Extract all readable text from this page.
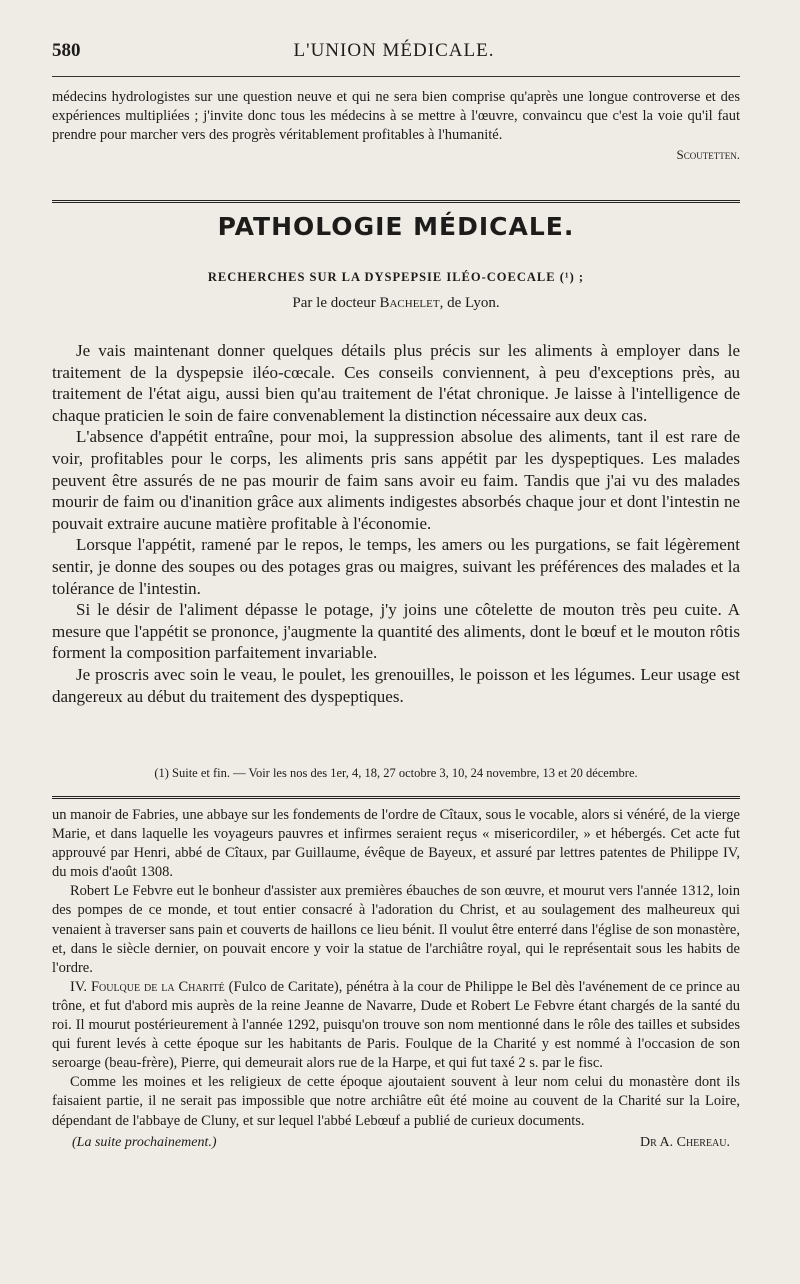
580	L'UNION MÉDICALE.

médecins hydrologistes sur une question neuve et qui ne sera bien comprise qu'après une longue controverse et des expériences multipliées ; j'invite donc tous les médecins à se mettre à l'œuvre, convaincu que c'est la voie qu'il faut prendre pour marcher vers des progrès véritablement profitables à l'humanité.

Scoutetten.
PATHOLOGIE MÉDICALE.
RECHERCHES SUR LA DYSPEPSIE ILÉO-COECALE (¹) ;
Par le docteur Bachelet, de Lyon.

Je vais maintenant donner quelques détails plus précis sur les aliments à employer dans le traitement de la dyspepsie iléo-cœcale. Ces conseils conviennent, à peu d'exceptions près, au traitement de l'état aigu, aussi bien qu'au traitement de l'état chronique. Je laisse à l'intelligence de chaque praticien le soin de faire convenablement la distinction nécessaire aux deux cas.

L'absence d'appétit entraîne, pour moi, la suppression absolue des aliments, tant il est rare de voir, profitables pour le corps, les aliments pris sans appétit par les dyspeptiques. Les malades peuvent être assurés de ne pas mourir de faim sans avoir eu faim. Tandis que j'ai vu des malades mourir de faim ou d'inanition grâce aux aliments indigestes absorbés chaque jour et dont l'intestin ne pouvait extraire aucune matière profitable à l'économie.

Lorsque l'appétit, ramené par le repos, le temps, les amers ou les purgations, se fait légèrement sentir, je donne des soupes ou des potages gras ou maigres, suivant les préférences des malades et la tolérance de l'intestin.

Si le désir de l'aliment dépasse le potage, j'y joins une côtelette de mouton très peu cuite. A mesure que l'appétit se prononce, j'augmente la quantité des aliments, dont le bœuf et le mouton rôtis forment la composition parfaitement invariable.

Je proscris avec soin le veau, le poulet, les grenouilles, le poisson et les légumes. Leur usage est dangereux au début du traitement des dyspeptiques.

(1) Suite et fin. — Voir les nos des 1er, 4, 18, 27 octobre 3, 10, 24 novembre, 13 et 20 décembre.

un manoir de Fabries, une abbaye sur les fondements de l'ordre de Cîtaux, sous le vocable, alors si vénéré, de la vierge Marie, et dans laquelle les voyageurs pauvres et infirmes seraient reçus « misericordiler, » et hébergés. Cet acte fut approuvé par Henri, abbé de Cîtaux, par Guillaume, évêque de Bayeux, et assuré par lettres patentes de Philippe IV, du mois d'août 1308.

Robert Le Febvre eut le bonheur d'assister aux premières ébauches de son œuvre, et mourut vers l'année 1312, loin des pompes de ce monde, et tout entier consacré à l'adoration du Christ, et au soulagement des malheureux qui venaient à traverser sans pain et couverts de haillons ce lieu bénit. Il voulut être enterré dans l'église de son monastère, et, dans le siècle dernier, on pouvait encore y voir la statue de l'archiâtre royal, qui le représentait sous les habits de l'ordre.

IV. Foulque de la Charité (Fulco de Caritate), pénétra à la cour de Philippe le Bel dès l'avénement de ce prince au trône, et fut d'abord mis auprès de la reine Jeanne de Navarre, Dude et Robert Le Febvre étant chargés de la santé du roi. Il mourut postérieurement à l'année 1292, puisqu'on trouve son nom mentionné dans le rôle des tailles et subsides qui furent levés à cette époque sur les habitants de Paris. Foulque de la Charité y est nommé à l'occasion de son seroarge (beau-frère), Pierre, qui demeurait alors rue de la Harpe, et qui fut taxé 2 s. par le fisc.

Comme les moines et les religieux de cette époque ajoutaient souvent à leur nom celui du monastère dont ils faisaient partie, il ne serait pas impossible que notre archiâtre eût été moine au couvent de la Charité sur la Loire, dépendant de l'abbaye de Cluny, et sur lequel l'abbé Lebœuf a publié de curieux documents.

(La suite prochainement.)	Dr A. Chereau.
